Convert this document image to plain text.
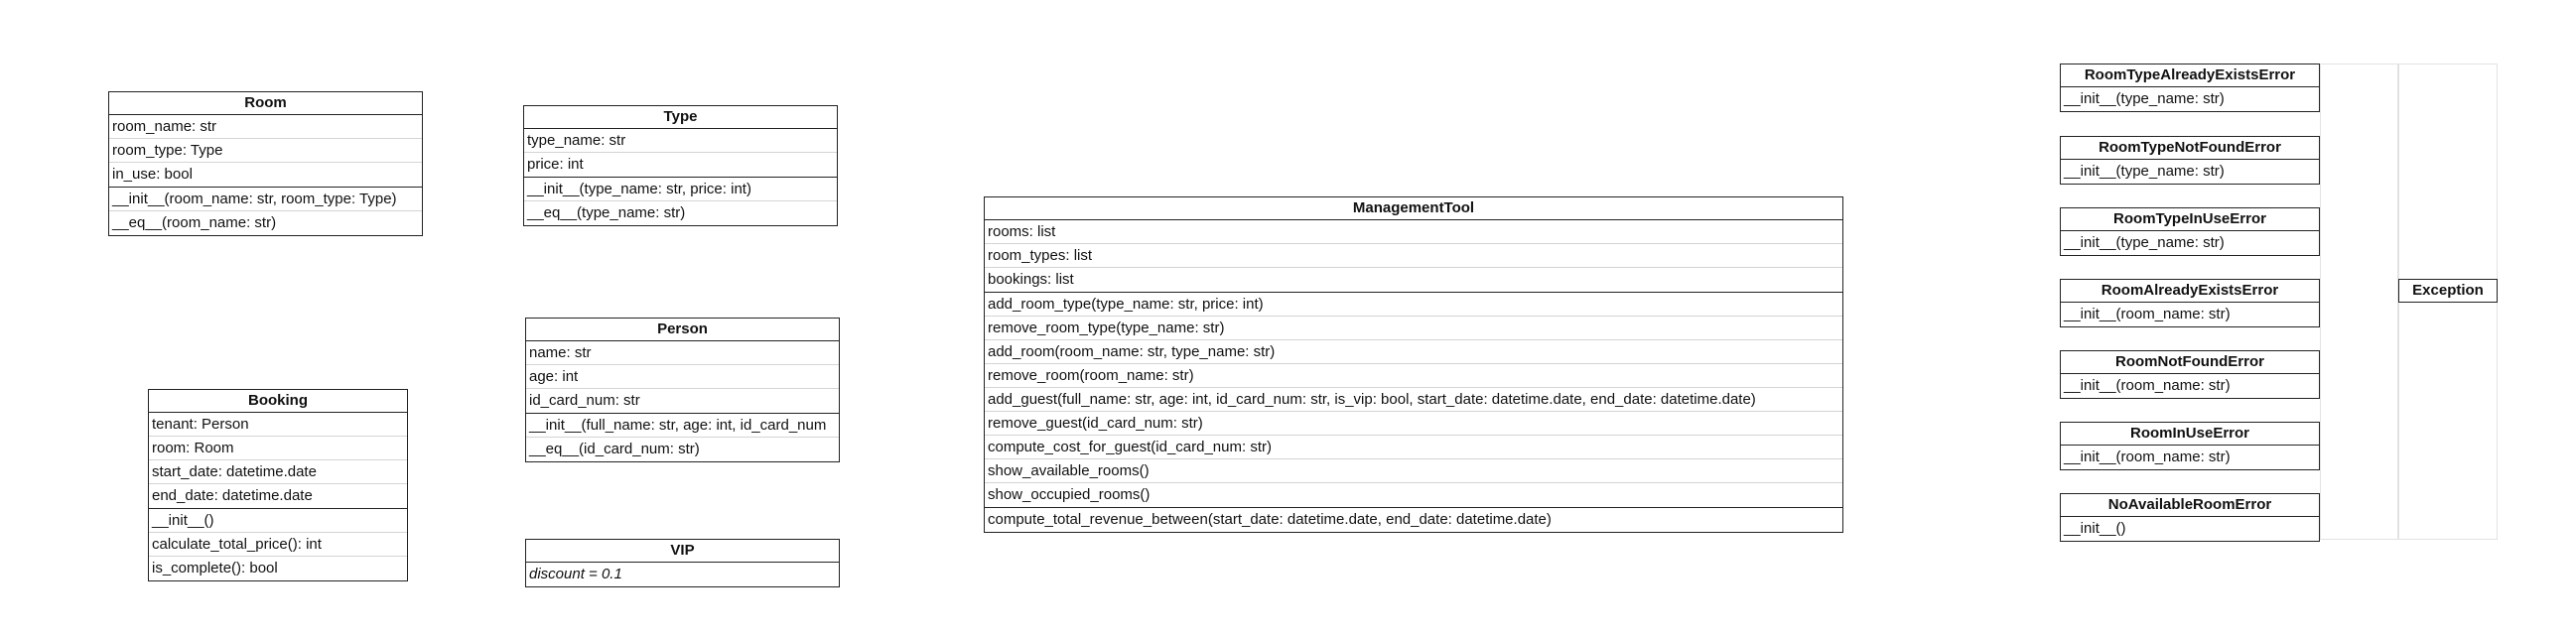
Room
room_name: str
room_type: Type
in_use: bool
__init__(room_name: str, room_type: Type)
__eq__(room_name: str)
Type
type_name: str
price: int
__init__(type_name: str, price: int)
__eq__(type_name: str)
Person
name: str
age: int
id_card_num: str
__init__(full_name: str, age: int, id_card_num
__eq__(id_card_num: str)
VIP
discount = 0.1
Booking
tenant: Person
room: Room
start_date: datetime.date
end_date: datetime.date
__init__()
calculate_total_price(): int
is_complete(): bool
ManagementTool
rooms: list
room_types: list
bookings: list
add_room_type(type_name: str, price: int)
remove_room_type(type_name: str)
add_room(room_name: str, type_name: str)
remove_room(room_name: str)
add_guest(full_name: str, age: int, id_card_num: str, is_vip: bool, start_date: datetime.date, end_date: datetime.date)
remove_guest(id_card_num: str)
compute_cost_for_guest(id_card_num: str)
show_available_rooms()
show_occupied_rooms()
compute_total_revenue_between(start_date: datetime.date, end_date: datetime.date)
RoomTypeAlreadyExistsError
__init__(type_name: str)
RoomTypeNotFoundError
__init__(type_name: str)
RoomTypeInUseError
__init__(type_name: str)
RoomAlreadyExistsError
__init__(room_name: str)
RoomNotFoundError
__init__(room_name: str)
RoomInUseError
__init__(room_name: str)
NoAvailableRoomError
__init__()
Exception
